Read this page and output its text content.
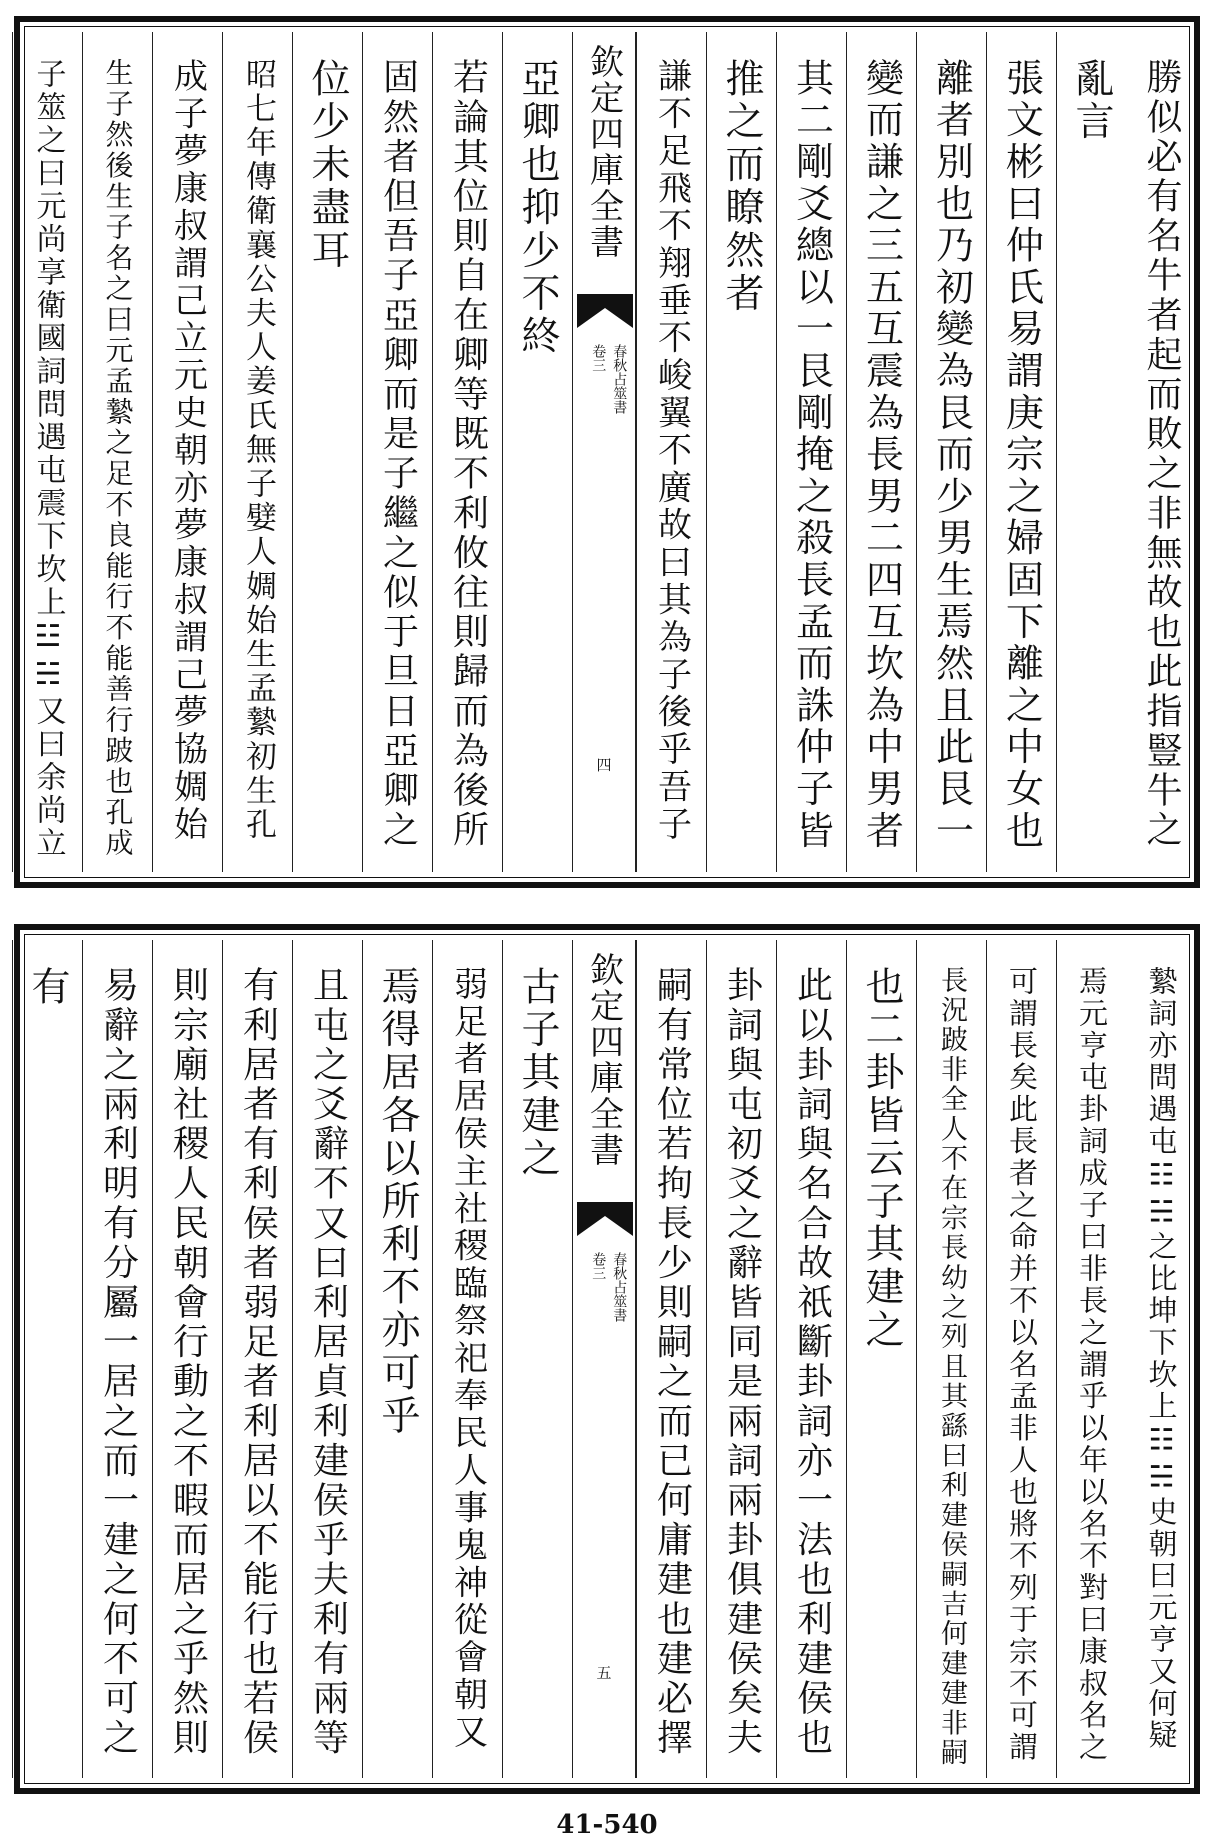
勝似必有名牛者起而敗之非無故也此指豎牛之
亂言
張文彬曰仲氏易謂庚宗之婦固下離之中女也
離者別也乃初變為艮而少男生焉然且此艮一
變而謙之三五互震為長男二四互坎為中男者
其二剛爻總以一艮剛掩之殺長孟而誅仲子皆
推之而瞭然者
謙不足飛不翔垂不峻翼不廣故曰其為子後乎吾子
欽定四庫全書
春秋占筮書
卷三
四
亞卿也抑少不終
若論其位則自在卿等既不利攸往則歸而為後所
固然者但吾子亞卿而是子繼之似于旦日亞卿之
位少未盡耳
昭七年傳衛襄公夫人姜氏無子嬖人婤始生孟縶初生孔
成子夢康叔謂己立元史朝亦夢康叔謂己夢協婤始
生子然後生子名之曰元孟縶之足不良能行不能善行跛也孔成
子筮之曰元尚享衛國詞問遇屯震下坎上☳☵又曰余尚立
縶詞亦問遇屯☷☵之比坤下坎上☷☵史朝曰元亨又何疑
焉元亨屯卦詞成子曰非長之謂乎以年以名不對曰康叔名之
可謂長矣此長者之命并不以名孟非人也將不列于宗不可謂
長況跛非全人不在宗長幼之列且其繇曰利建侯嗣吉何建建非嗣
也二卦皆云子其建之
此以卦詞與名合故祇斷卦詞亦一法也利建侯也
卦詞與屯初爻之辭皆同是兩詞兩卦俱建侯矣夫
嗣有常位若拘長少則嗣之而已何庸建也建必擇
欽定四庫全書
春秋占筮書
卷三
五
古子其建之
弱足者居侯主社稷臨祭祀奉民人事鬼神從會朝又
焉得居各以所利不亦可乎
且屯之爻辭不又曰利居貞利建侯乎夫利有兩等
有利居者有利侯者弱足者利居以不能行也若侯
則宗廟社稷人民朝會行動之不暇而居之乎然則
易辭之兩利明有分屬一居之而一建之何不可之
有
41-540
